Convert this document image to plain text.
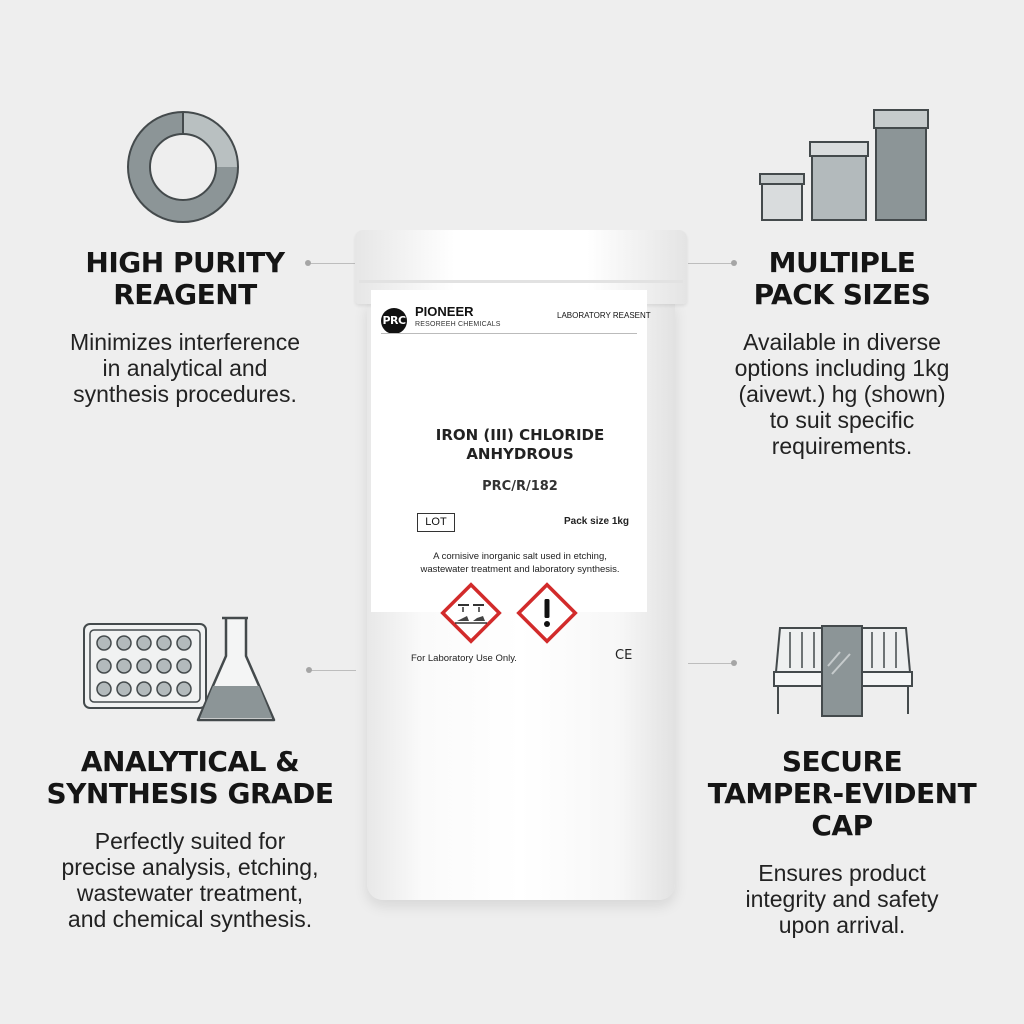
HIGH PURITY
REAGENT

Minimizes interference
in analytical and
synthesis procedures.

MULTIPLE
PACK SIZES

Available in diverse
options including 1kg
(aivewt.) hg (shown)
to suit specific
requirements.

ANALYTICAL &
SYNTHESIS GRADE

Perfectly suited for
precise analysis, etching,
wastewater treatment,
and chemical synthesis.

SECURE
TAMPER-EVIDENT
CAP

Ensures product
integrity and safety
upon arrival.

PRC
PIONEER
RESOREEH CHEMICALS
LABORATORY REASENT
IRON (III) CHLORIDE
ANHYDROUS
PRC/R/182
LOT	Pack size 1kg
A cornisive inorganic salt used in etching,
wastewater treatment and laboratory synthesis.
For Laboratory Use Only.	CE
